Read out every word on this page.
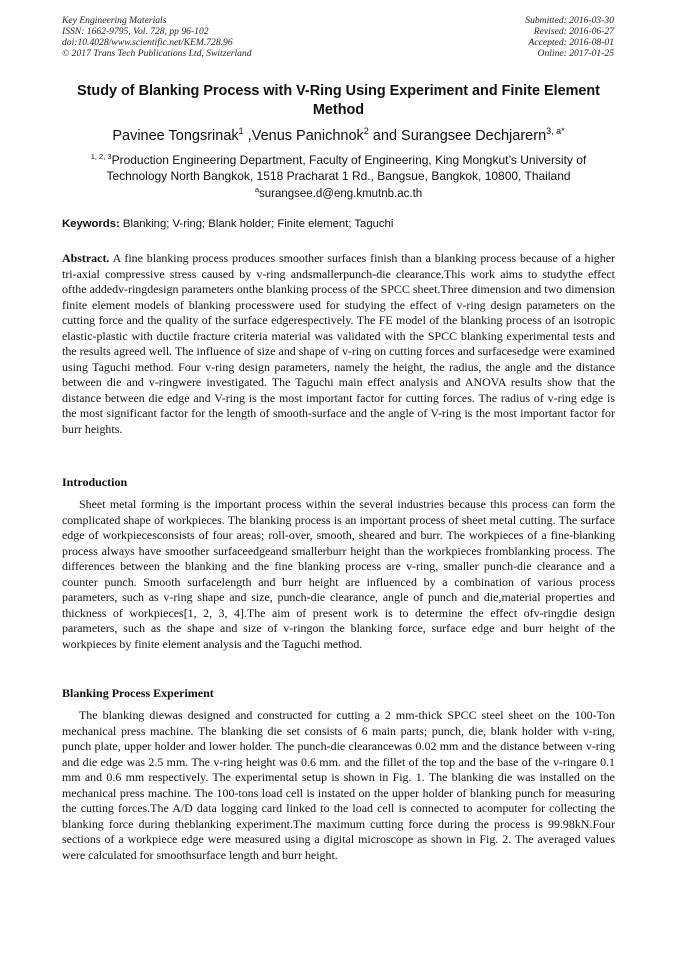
Key Engineering Materials
ISSN: 1662-9795, Vol. 728, pp 96-102
doi:10.4028/www.scientific.net/KEM.728.96
© 2017 Trans Tech Publications Ltd, Switzerland
Submitted: 2016-03-30
Revised: 2016-06-27
Accepted: 2016-08-01
Online: 2017-01-25
Study of Blanking Process with V-Ring Using Experiment and Finite Element Method
Pavinee Tongsrinak$^1$ ,Venus Panichnok$^2$ and Surangsee Dechjarern$^{3, a*}$
$^{1, 2, 3}$Production Engineering Department, Faculty of Engineering, King Mongkut’s University of Technology North Bangkok, 1518 Pracharat 1 Rd., Bangsue, Bangkok, 10800, Thailand
$^a$surangsee.d@eng.kmutnb.ac.th
Keywords: Blanking; V-ring; Blank holder; Finite element; Taguchi
Abstract. A fine blanking process produces smoother surfaces finish than a blanking process because of a higher tri-axial compressive stress caused by v-ring andsmallerpunch-die clearance.This work aims to studythe effect ofthe addedv-ringdesign parameters onthe blanking process of the SPCC sheet.Three dimension and two dimension finite element models of blanking processwere used for studying the effect of v-ring design parameters on the cutting force and the quality of the surface edgerespectively. The FE model of the blanking process of an isotropic elastic-plastic with ductile fracture criteria material was validated with the SPCC blanking experimental tests and the results agreed well. The influence of size and shape of v-ring on cutting forces and surfacesedge were examined using Taguchi method. Four v-ring design parameters, namely the height, the radius, the angle and the distance between die and v-ringwere investigated. The Taguchi main effect analysis and ANOVA results show that the distance between die edge and V-ring is the most important factor for cutting forces. The radius of v-ring edge is the most significant factor for the length of smooth-surface and the angle of V-ring is the most important factor for burr heights.
Introduction
Sheet metal forming is the important process within the several industries because this process can form the complicated shape of workpieces. The blanking process is an important process of sheet metal cutting. The surface edge of workpiecesconsists of four areas; roll-over, smooth, sheared and burr. The workpieces of a fine-blanking process always have smoother surfaceedgeand smallerburr height than the workpieces fromblanking process. The differences between the blanking and the fine blanking process are v-ring, smaller punch-die clearance and a counter punch. Smooth surfacelength and burr height are influenced by a combination of various process parameters, such as v-ring shape and size, punch-die clearance, angle of punch and die,material properties and thickness of workpieces[1, 2, 3, 4].The aim of present work is to determine the effect ofv-ringdie design parameters, such as the shape and size of v-ringon the blanking force, surface edge and burr height of the workpieces by finite element analysis and the Taguchi method.
Blanking Process Experiment
The blanking diewas designed and constructed for cutting a 2 mm-thick SPCC steel sheet on the 100-Ton mechanical press machine. The blanking die set consists of 6 main parts; punch, die, blank holder with v-ring, punch plate, upper holder and lower holder. The punch-die clearancewas 0.02 mm and the distance between v-ring and die edge was 2.5 mm. The v-ring height was 0.6 mm. and the fillet of the top and the base of the v-ringare 0.1 mm and 0.6 mm respectively. The experimental setup is shown in Fig. 1. The blanking die was installed on the mechanical press machine. The 100-tons load cell is instated on the upper holder of blanking punch for measuring the cutting forces.The A/D data logging card linked to the load cell is connected to acomputer for collecting the blanking force during theblanking experiment.The maximum cutting force during the process is 99.98kN.Four sections of a workpiece edge were measured using a digital microscope as shown in Fig. 2. The averaged values were calculated for smoothsurface length and burr height.
